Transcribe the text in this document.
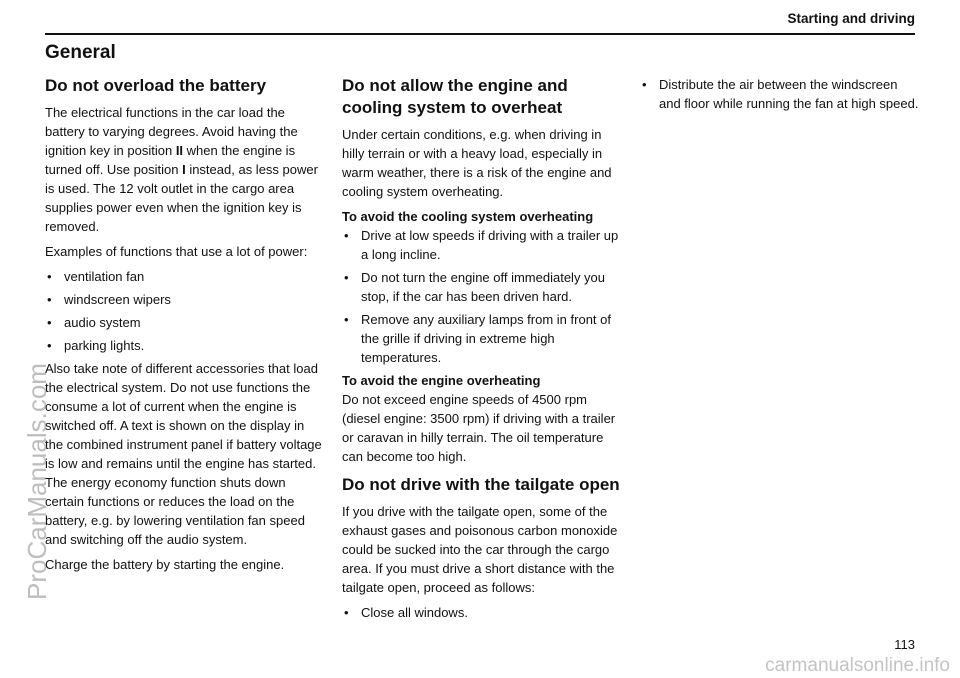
Starting and driving
General
Do not overload the battery

The electrical functions in the car load the battery to varying degrees. Avoid having the ignition key in position II when the engine is turned off. Use position I instead, as less power is used. The 12 volt outlet in the cargo area supplies power even when the ignition key is removed.

Examples of functions that use a lot of power:

• ventilation fan
• windscreen wipers
• audio system
• parking lights.

Also take note of different accessories that load the electrical system. Do not use functions the consume a lot of current when the engine is switched off. A text is shown on the display in the combined instrument panel if battery voltage is low and remains until the engine has started. The energy economy function shuts down certain functions or reduces the load on the battery, e.g. by lowering ventilation fan speed and switching off the audio system.

Charge the battery by starting the engine.

Do not allow the engine and cooling system to overheat

Under certain conditions, e.g. when driving in hilly terrain or with a heavy load, especially in warm weather, there is a risk of the engine and cooling system overheating.

To avoid the cooling system overheating
• Drive at low speeds if driving with a trailer up a long incline.
• Do not turn the engine off immediately you stop, if the car has been driven hard.
• Remove any auxiliary lamps from in front of the grille if driving in extreme high temperatures.
To avoid the engine overheating

Do not exceed engine speeds of 4500 rpm (diesel engine: 3500 rpm) if driving with a trailer or caravan in hilly terrain. The oil temperature can become too high.

Do not drive with the tailgate open

If you drive with the tailgate open, some of the exhaust gases and poisonous carbon monoxide could be sucked into the car through the cargo area. If you must drive a short distance with the tailgate open, proceed as follows:

• Close all windows.
• Distribute the air between the windscreen and floor while running the fan at high speed.
113
ProCarManuals.com
carmanualsonline.info
